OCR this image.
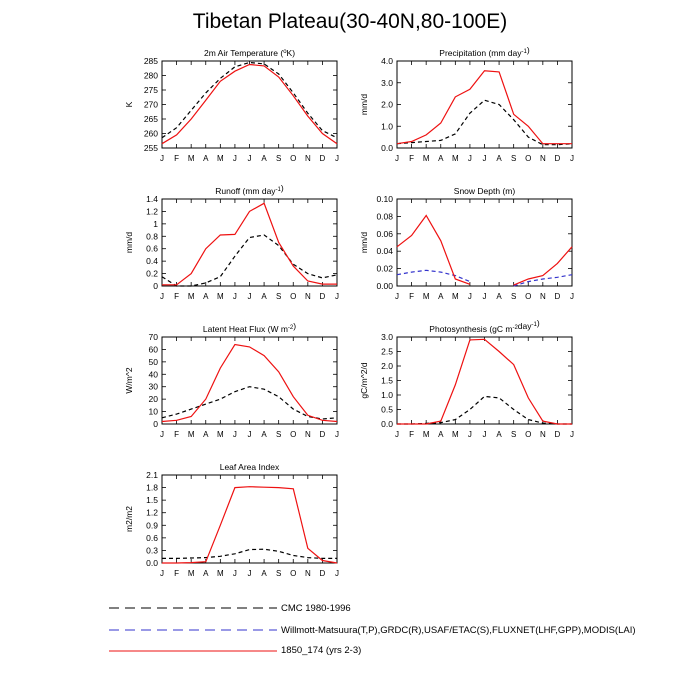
Tibetan Plateau(30-40N,80-100E)
2m Air Temperature ($^o$K)
255
260
265
270
275
280
285
J F M A M J J A S O N D J
K
Precipitation (mm day$^{-1}$)
0.0
1.0
2.0
3.0
4.0
J F M A M J J A S O N D J
mm/d
Runoff (mm day$^{-1}$)
0
0.2
0.4
0.6
0.8
1
1.2
1.4
J F M A M J J A S O N D J
mm/d
Snow Depth (m)
0.00
0.02
0.04
0.06
0.08
0.10
J F M A M J J A S O N D J
mm/d
Latent Heat Flux (W $m^{-2}$)
0
10
20
30
40
50
60
70
J F M A M J J A S O N D J
W/m^2
Photosynthesis (gC $m^{-2}day^{-1}$)
0.0
0.5
1.0
1.5
2.0
2.5
3.0
J F M A M J J A S O N D J
gC/m^2/d
Leaf Area Index
0.0
0.3
0.6
0.9
1.2
1.5
1.8
2.1
J F M A M J J A S O N D J
m2/m2
CMC 1980-1996
Willmott-Matsuura(T,P),GRDC(R),USAF/ETAC(S),FLUXNET(LHF,GPP),MODIS(LAI)
1850_174 (yrs 2-3)
